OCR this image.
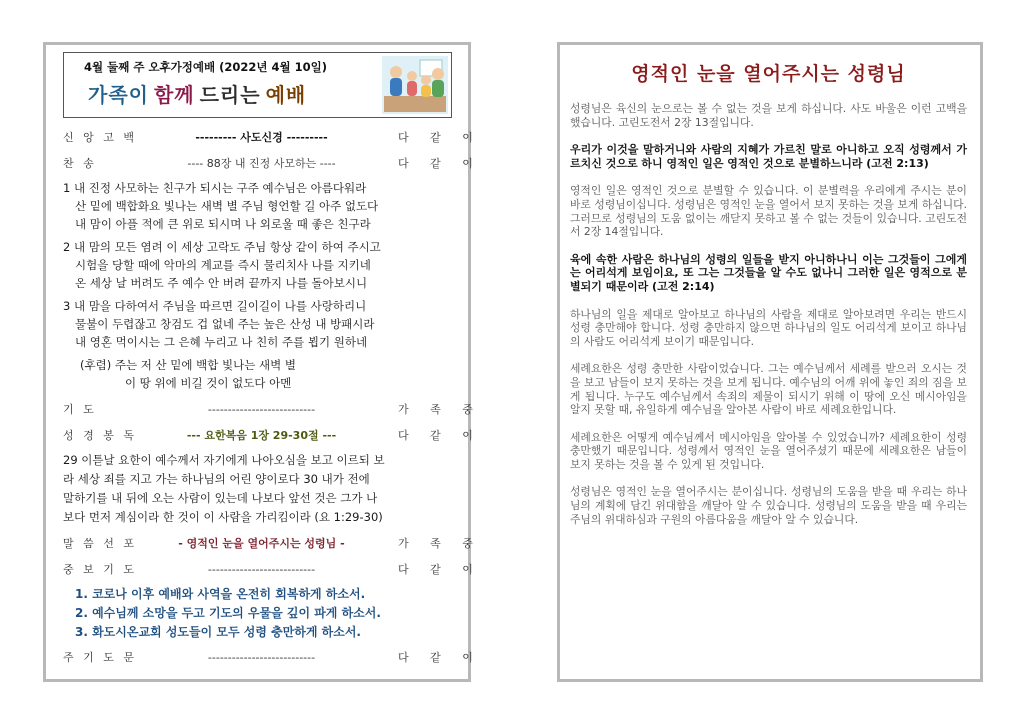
4월 둘째 주 오후가정예배 (2022년 4월 10일)
가족이 함께 드리는 예배
신 앙 고 백	--------- 사도신경 ---------	다 같 이
찬 송	---- 88장 내 진정 사모하는 ----	다 같 이
1 내 진정 사모하는 친구가 되시는 구주 예수님은 아름다워라
산 밑에 백합화요 빛나는 새벽 별 주님 형언할 길 아주 없도다
내 맘이 아플 적에 큰 위로 되시며 나 외로울 때 좋은 친구라
2 내 맘의 모든 염려 이 세상 고락도 주님 항상 같이 하여 주시고
시험을 당할 때에 악마의 계교를 즉시 물리치사 나를 지키네
온 세상 날 버려도 주 예수 안 버려 끝까지 나를 돌아보시니
3 내 맘을 다하여서 주님을 따르면 길이길이 나를 사랑하리니
물불이 두렵잖고 창검도 겁 없네 주는 높은 산성 내 방패시라
내 영혼 먹이시는 그 은혜 누리고 나 친히 주를 뵙기 원하네
(후렴) 주는 저 산 밑에 백합 빛나는 새벽 별
이 땅 위에 비길 것이 없도다 아멘
기 도	---------------------------	가 족 중
성 경 봉 독	--- 요한복음 1장 29-30절 ---	다 같 이
29 이튿날 요한이 예수께서 자기에게 나아오심을 보고 이르되 보
라 세상 죄를 지고 가는 하나님의 어린 양이로다 30 내가 전에
말하기를 내 뒤에 오는 사람이 있는데 나보다 앞선 것은 그가 나
보다 먼저 계심이라 한 것이 이 사람을 가리킴이라 (요 1:29-30)
말 씀 선 포	- 영적인 눈을 열어주시는 성령님 -	가 족 중
중 보 기 도	---------------------------	다 같 이
1. 코로나 이후 예배와 사역을 온전히 회복하게 하소서.
2. 예수님께 소망을 두고 기도의 우물을 깊이 파게 하소서.
3. 화도시온교회 성도들이 모두 성령 충만하게 하소서.
주 기 도 문	---------------------------	다 같 이
영적인 눈을 열어주시는 성령님

성령님은 육신의 눈으로는 볼 수 없는 것을 보게 하십니다. 사도 바울은 이런 고백을 했습니다. 고린도전서 2장 13절입니다.

우리가 이것을 말하거니와 사람의 지혜가 가르친 말로 아니하고 오직 성령께서 가르치신 것으로 하니 영적인 일은 영적인 것으로 분별하느니라 (고전 2:13)

영적인 일은 영적인 것으로 분별할 수 있습니다. 이 분별력을 우리에게 주시는 분이 바로 성령님이십니다. 성령님은 영적인 눈을 열어서 보지 못하는 것을 보게 하십니다. 그러므로 성령님의 도움 없이는 깨닫지 못하고 볼 수 없는 것들이 있습니다. 고린도전서 2장 14절입니다.

육에 속한 사람은 하나님의 성령의 일들을 받지 아니하나니 이는 그것들이 그에게는 어리석게 보임이요, 또 그는 그것들을 알 수도 없나니 그러한 일은 영적으로 분별되기 때문이라 (고전 2:14)

하나님의 일을 제대로 알아보고 하나님의 사람을 제대로 알아보려면 우리는 반드시 성령 충만해야 합니다. 성령 충만하지 않으면 하나님의 일도 어리석게 보이고 하나님의 사람도 어리석게 보이기 때문입니다.

세례요한은 성령 충만한 사람이었습니다. 그는 예수님께서 세례를 받으러 오시는 것을 보고 남들이 보지 못하는 것을 보게 됩니다. 예수님의 어깨 위에 놓인 죄의 짐을 보게 됩니다. 누구도 예수님께서 속죄의 제물이 되시기 위해 이 땅에 오신 메시아임을 알지 못할 때, 유일하게 예수님을 알아본 사람이 바로 세례요한입니다.

세례요한은 어떻게 예수님께서 메시아임을 알아볼 수 있었습니까? 세례요한이 성령 충만했기 때문입니다. 성령께서 영적인 눈을 열어주셨기 때문에 세례요한은 남들이 보지 못하는 것을 볼 수 있게 된 것입니다.

성령님은 영적인 눈을 열어주시는 분이십니다. 성령님의 도움을 받을 때 우리는 하나님의 계획에 담긴 위대함을 깨달아 알 수 있습니다. 성령님의 도움을 받을 때 우리는 주님의 위대하심과 구원의 아름다움을 깨달아 알 수 있습니다.
